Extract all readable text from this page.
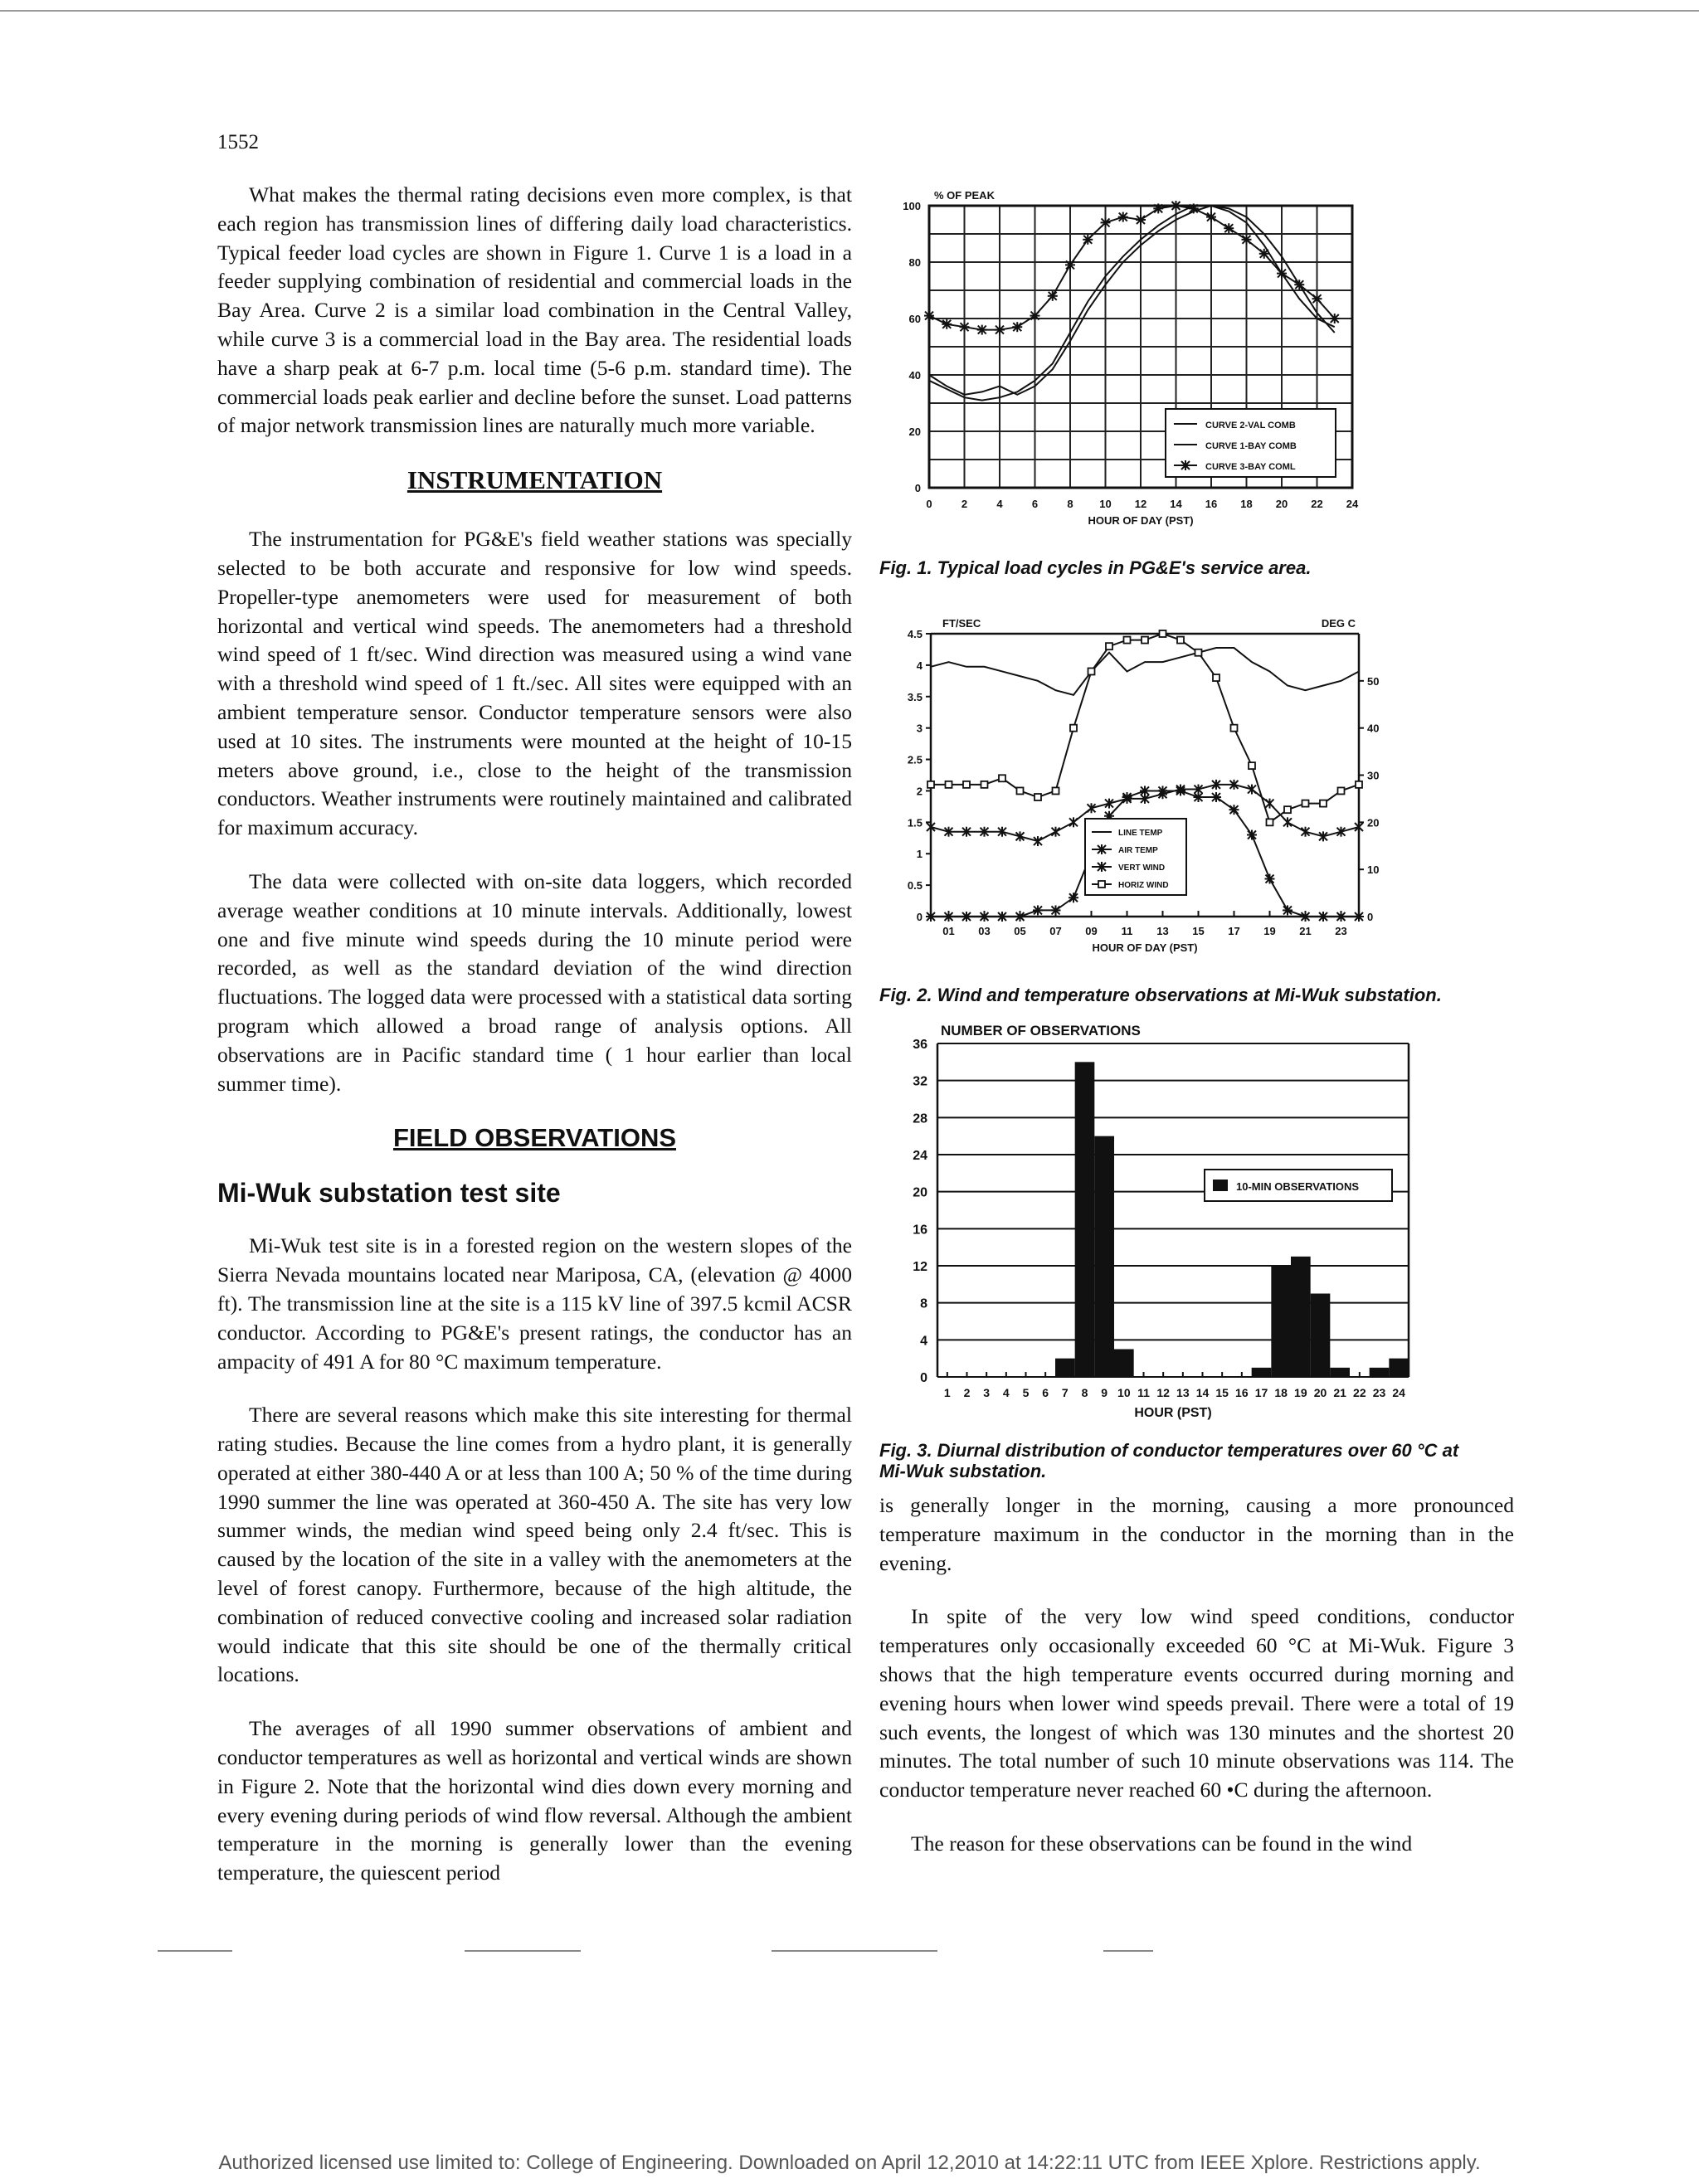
1552

What makes the thermal rating decisions even more complex, is that each region has transmission lines of differing daily load characteristics. Typical feeder load cycles are shown in Figure 1. Curve 1 is a load in a feeder supplying combination of residential and commercial loads in the Bay Area. Curve 2 is a similar load combination in the Central Valley, while curve 3 is a commercial load in the Bay area. The residential loads have a sharp peak at 6-7 p.m. local time (5-6 p.m. standard time). The commercial loads peak earlier and decline before the sunset. Load patterns of major network transmission lines are naturally much more variable.

INSTRUMENTATION

The instrumentation for PG&E's field weather stations was specially selected to be both accurate and responsive for low wind speeds. Propeller-type anemometers were used for measurement of both horizontal and vertical wind speeds. The anemometers had a threshold wind speed of 1 ft/sec. Wind direction was measured using a wind vane with a threshold wind speed of 1 ft./sec. All sites were equipped with an ambient temperature sensor. Conductor temperature sensors were also used at 10 sites. The instruments were mounted at the height of 10-15 meters above ground, i.e., close to the height of the transmission conductors. Weather instruments were routinely maintained and calibrated for maximum accuracy.

The data were collected with on-site data loggers, which recorded average weather conditions at 10 minute intervals. Additionally, lowest one and five minute wind speeds during the 10 minute period were recorded, as well as the standard deviation of the wind direction fluctuations. The logged data were processed with a statistical data sorting program which allowed a broad range of analysis options. All observations are in Pacific standard time ( 1 hour earlier than local summer time).

FIELD OBSERVATIONS
Mi-Wuk substation test site

Mi-Wuk test site is in a forested region on the western slopes of the Sierra Nevada mountains located near Mariposa, CA, (elevation @ 4000 ft). The transmission line at the site is a 115 kV line of 397.5 kcmil ACSR conductor. According to PG&E's present ratings, the conductor has an ampacity of 491 A for 80 °C maximum temperature.

There are several reasons which make this site interesting for thermal rating studies. Because the line comes from a hydro plant, it is generally operated at either 380-440 A or at less than 100 A; 50 % of the time during 1990 summer the line was operated at 360-450 A. The site has very low summer winds, the median wind speed being only 2.4 ft/sec. This is caused by the location of the site in a valley with the anemometers at the level of forest canopy. Furthermore, because of the high altitude, the combination of reduced convective cooling and increased solar radiation would indicate that this site should be one of the thermally critical locations.

The averages of all 1990 summer observations of ambient and conductor temperatures as well as horizontal and vertical winds are shown in Figure 2. Note that the horizontal wind dies down every morning and every evening during periods of wind flow reversal. Although the ambient temperature in the morning is generally lower than the evening temperature, the quiescent period

0
20
40
60
80
100
0	2	4	6	8 10 12 14 16 18 20 22 24
% OF PEAK
HOUR OF DAY (PST)
CURVE 2-VAL COMB
CURVE 1-BAY COMB
CURVE 3-BAY COML
Fig. 1. Typical load cycles in PG&E's service area.
0
0.5
1
1.5
2
2.5
3
3.5
4
4.5
0
10
20
30
40
50
01 03 05 07 09 11 13 15 17 19 21 23
FT/SEC	DEG C
HOUR OF DAY (PST)
LINE TEMP
AIR TEMP
VERT WIND
HORIZ WIND
Fig. 2. Wind and temperature observations at Mi-Wuk substation.
0
4
8
12
16
20
24
28
32
36
1 2 3 4 5 6 7 8 9 10 11 12 13 14 15 16 17 18 19 20 21 22 23 24
NUMBER OF OBSERVATIONS
HOUR (PST)
10-MIN OBSERVATIONS
Fig. 3. Diurnal distribution of conductor temperatures over 60 °C at Mi-Wuk substation.

is generally longer in the morning, causing a more pronounced temperature maximum in the conductor in the morning than in the evening.

In spite of the very low wind speed conditions, conductor temperatures only occasionally exceeded 60 °C at Mi-Wuk. Figure 3 shows that the high temperature events occurred during morning and evening hours when lower wind speeds prevail. There were a total of 19 such events, the longest of which was 130 minutes and the shortest 20 minutes. The total number of such 10 minute observations was 114. The conductor temperature never reached 60 •C during the afternoon.

The reason for these observations can be found in the wind

Authorized licensed use limited to: College of Engineering. Downloaded on April 12,2010 at 14:22:11 UTC from IEEE Xplore. Restrictions apply.
